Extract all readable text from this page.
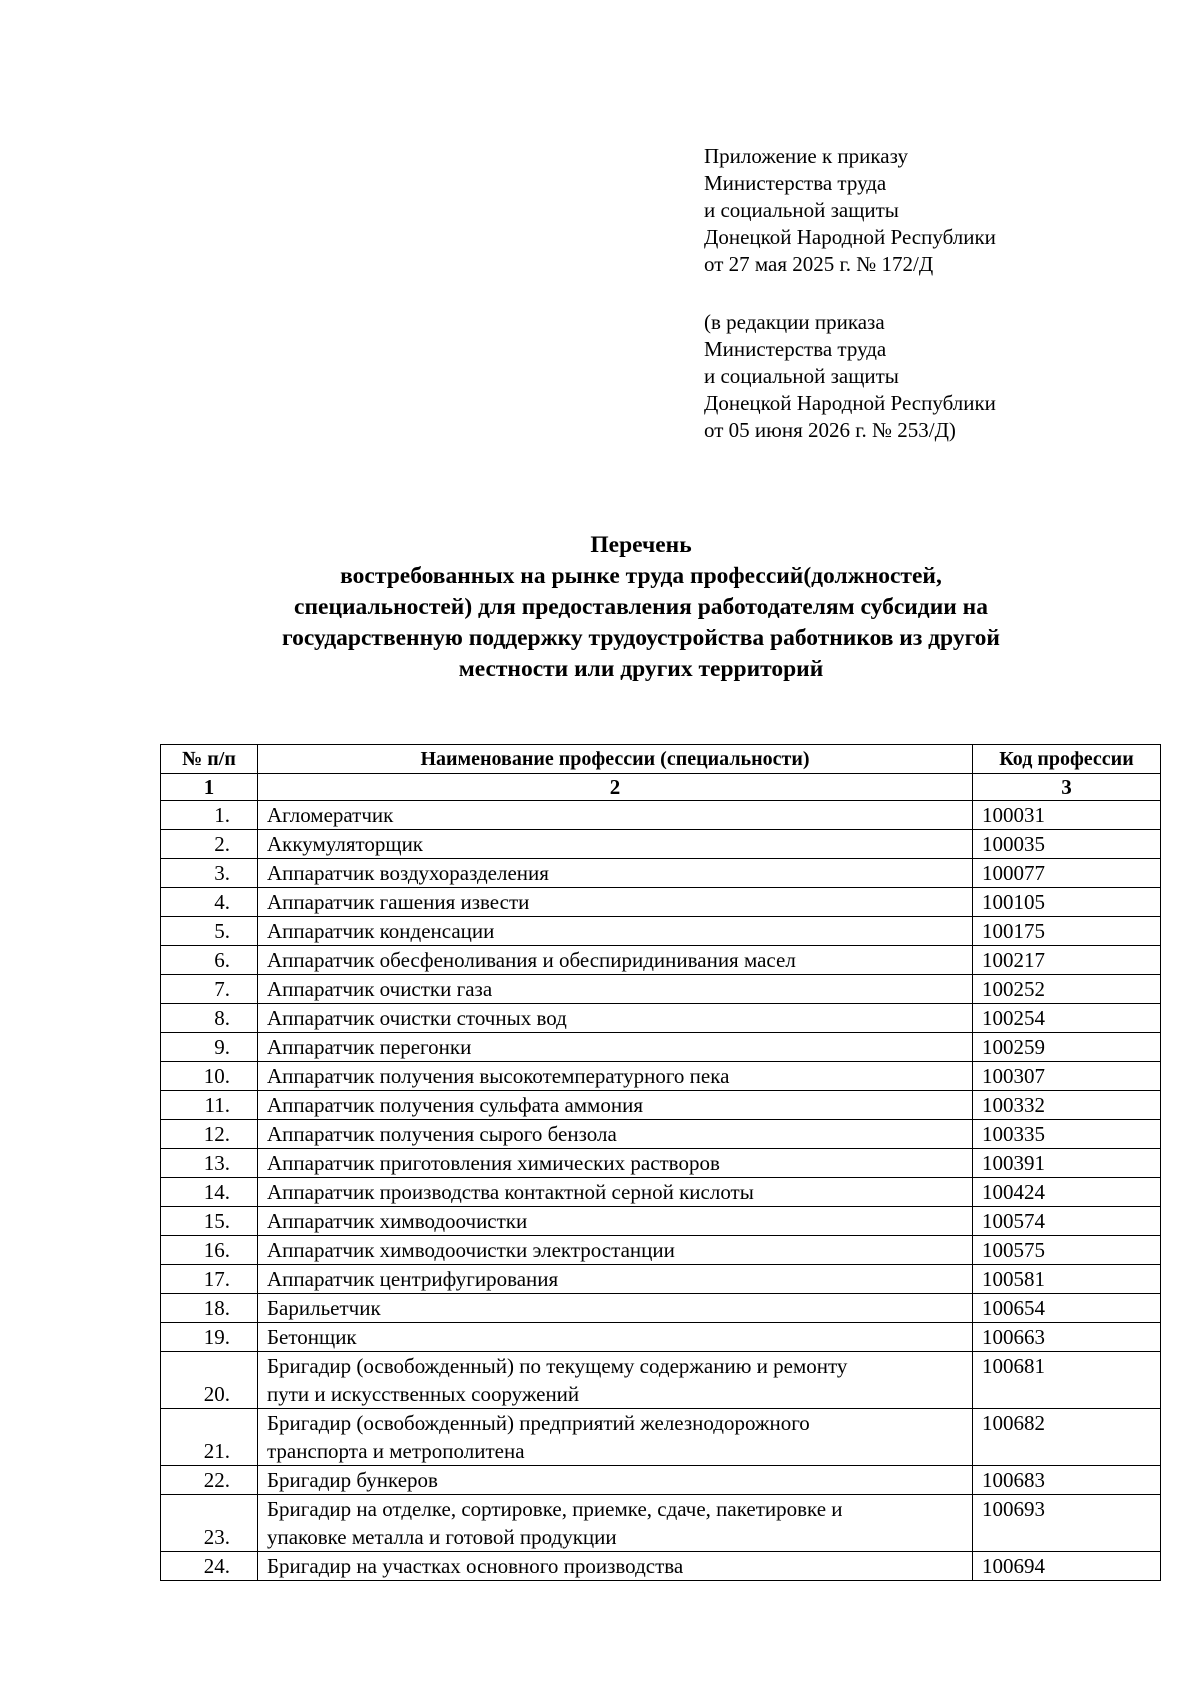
Приложение к приказу
Министерства труда
и социальной защиты
Донецкой Народной Республики
от 27 мая 2025 г. № 172/Д
(в редакции приказа
Министерства труда
и социальной защиты
Донецкой Народной Республики
от 05 июня 2026 г. № 253/Д)
Перечень
востребованных на рынке труда профессий(должностей,
специальностей) для предоставления работодателям субсидии на
государственную поддержку трудоустройства работников из другой
местности или других территорий
№ п/п	Наименование профессии (специальности)	Код профессии
1	2	3
1.	Агломератчик	100031
2.	Аккумуляторщик	100035
3.	Аппаратчик воздухоразделения	100077
4.	Аппаратчик гашения извести	100105
5.	Аппаратчик конденсации	100175
6.	Аппаратчик обесфеноливания и обеспиридинивания масел	100217
7.	Аппаратчик очистки газа	100252
8.	Аппаратчик очистки сточных вод	100254
9.	Аппаратчик перегонки	100259
10.	Аппаратчик получения высокотемпературного пека	100307
11.	Аппаратчик получения сульфата аммония	100332
12.	Аппаратчик получения сырого бензола	100335
13.	Аппаратчик приготовления химических растворов	100391
14.	Аппаратчик производства контактной серной кислоты	100424
15.	Аппаратчик химводоочистки	100574
16.	Аппаратчик химводоочистки электростанции	100575
17.	Аппаратчик центрифугирования	100581
18.	Барильетчик	100654
19.	Бетонщик	100663
20.	Бригадир (освобожденный) по текущему содержанию и ремонту
пути и искусственных сооружений	100681
21.	Бригадир (освобожденный) предприятий железнодорожного
транспорта и метрополитена	100682
22.	Бригадир бункеров	100683
23.	Бригадир на отделке, сортировке, приемке, сдаче, пакетировке и
упаковке металла и готовой продукции	100693
24.	Бригадир на участках основного производства	100694
